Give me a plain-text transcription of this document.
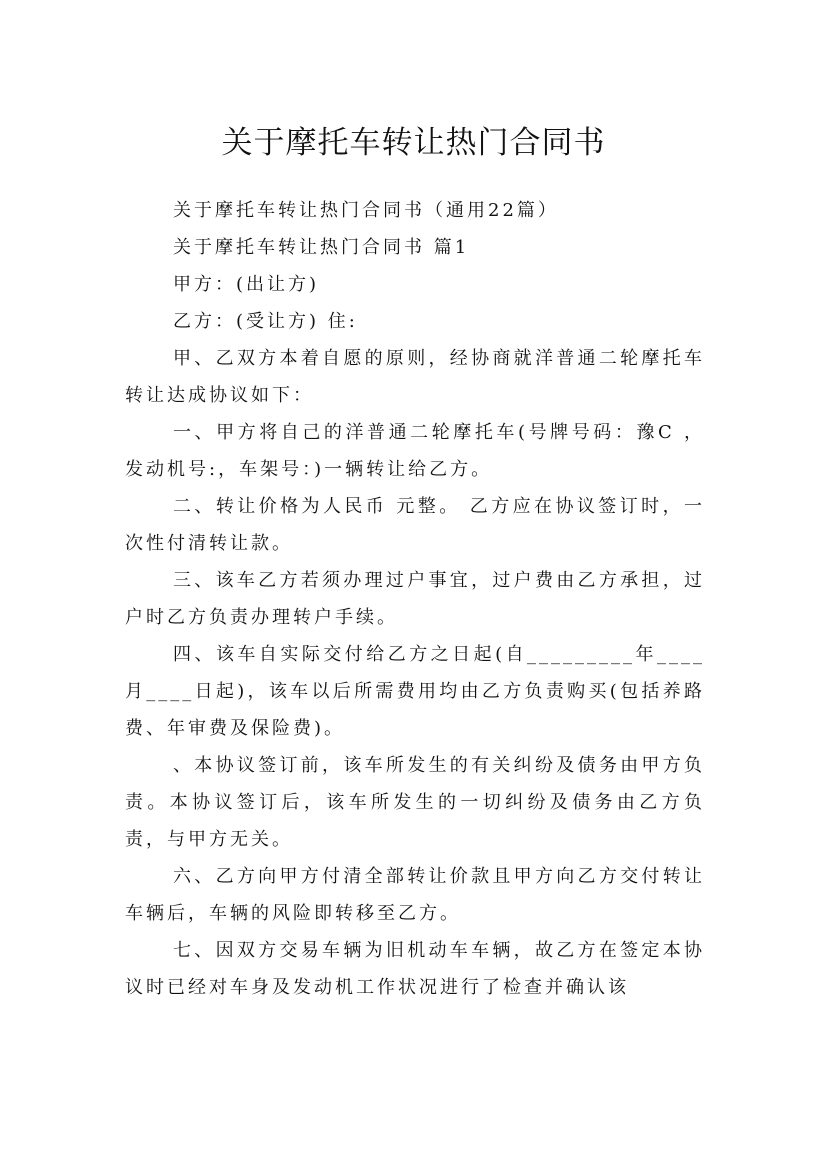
关于摩托车转让热门合同书

关于摩托车转让热门合同书（通用22篇）

关于摩托车转让热门合同书 篇1

甲方：(出让方)

乙方：(受让方) 住:

甲、乙双方本着自愿的原则，经协商就洋普通二轮摩托车转让达成协议如下：

一、甲方将自己的洋普通二轮摩托车(号牌号码：豫C ，发动机号:，车架号：)一辆转让给乙方。

二、转让价格为人民币 元整。 乙方应在协议签订时，一次性付清转让款。

三、该车乙方若须办理过户事宜，过户费由乙方承担，过户时乙方负责办理转户手续。

四、该车自实际交付给乙方之日起(自_________年____月____日起)，该车以后所需费用均由乙方负责购买(包括养路费、年审费及保险费)。

、本协议签订前，该车所发生的有关纠纷及债务由甲方负责。本协议签订后，该车所发生的一切纠纷及债务由乙方负责，与甲方无关。

六、乙方向甲方付清全部转让价款且甲方向乙方交付转让车辆后，车辆的风险即转移至乙方。

七、因双方交易车辆为旧机动车车辆，故乙方在签定本协议时已经对车身及发动机工作状况进行了检查并确认该
